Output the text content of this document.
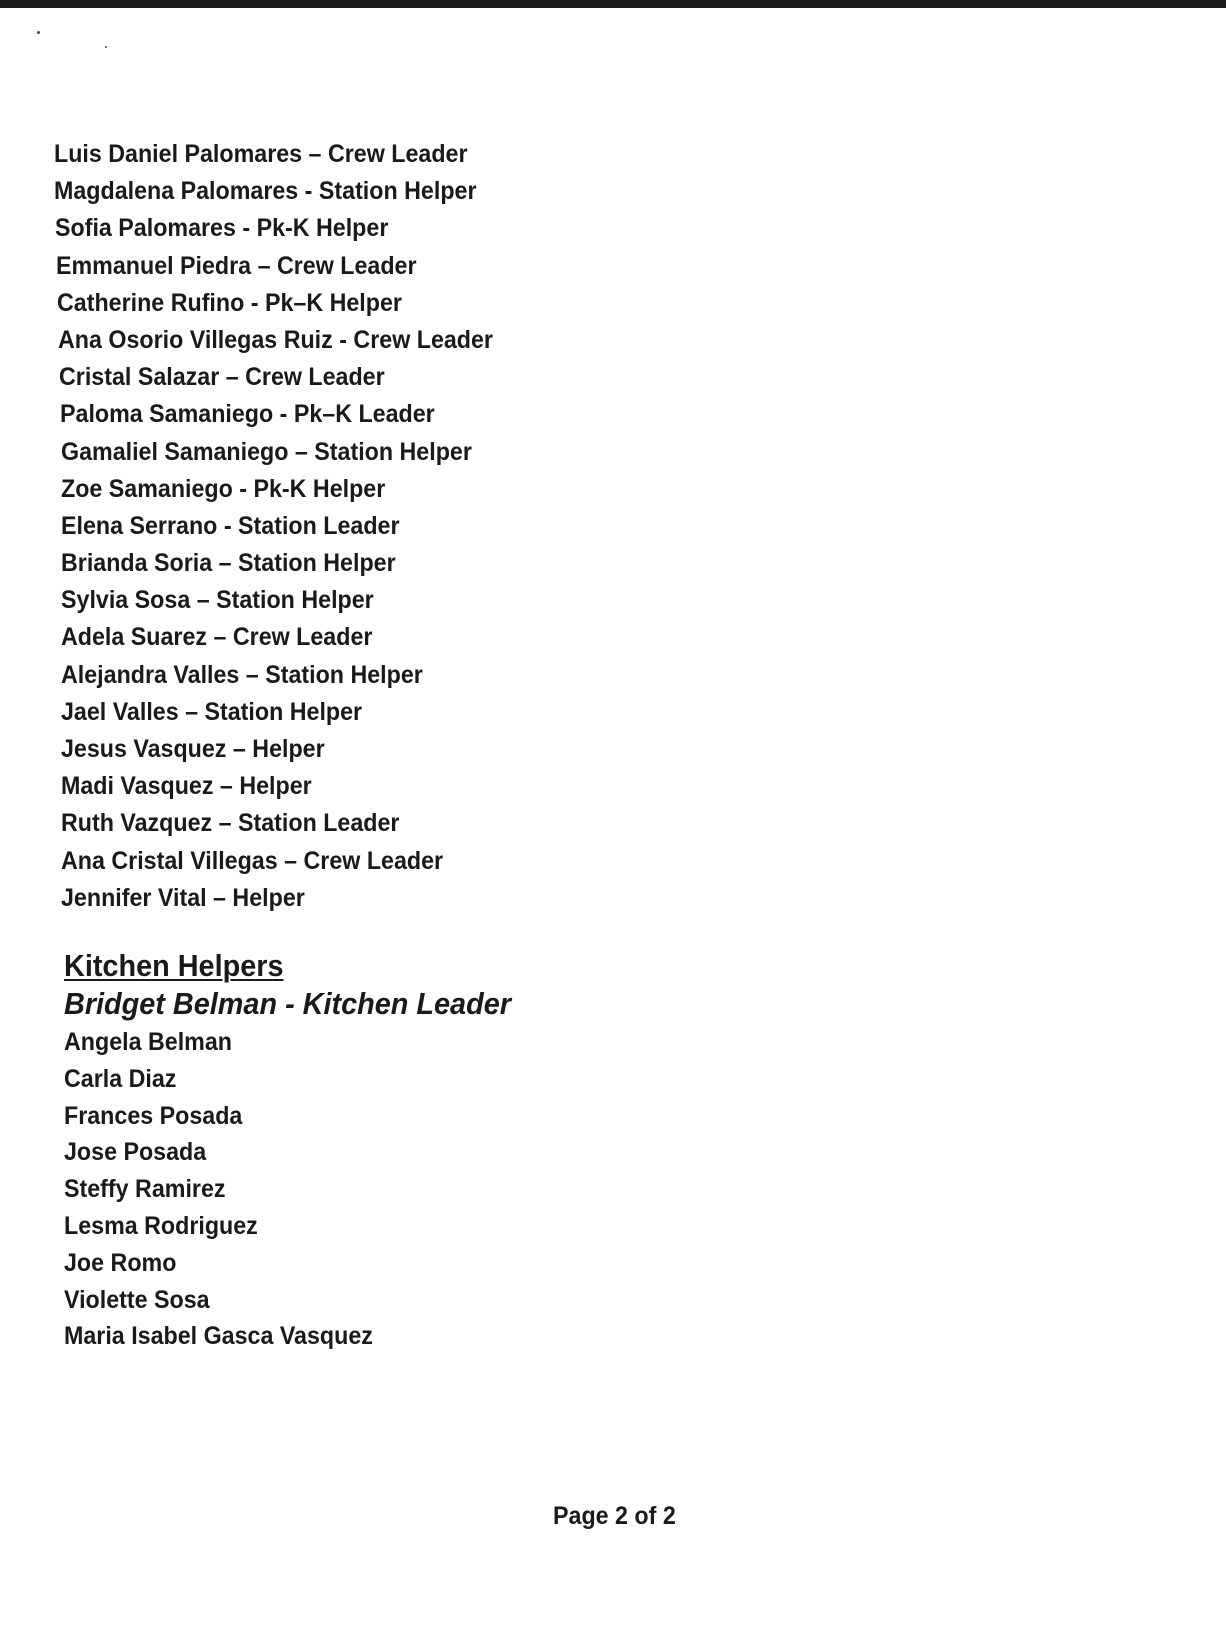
Luis Daniel Palomares – Crew Leader
Magdalena Palomares - Station Helper
Sofia Palomares - Pk-K Helper
Emmanuel Piedra – Crew Leader
Catherine Rufino - Pk–K Helper
Ana Osorio Villegas Ruiz - Crew Leader
Cristal Salazar – Crew Leader
Paloma Samaniego - Pk–K Leader
Gamaliel Samaniego – Station Helper
Zoe Samaniego - Pk-K Helper
Elena Serrano - Station Leader
Brianda Soria – Station Helper
Sylvia Sosa – Station Helper
Adela Suarez – Crew Leader
Alejandra Valles – Station Helper
Jael Valles – Station Helper
Jesus Vasquez – Helper
Madi Vasquez – Helper
Ruth Vazquez – Station Leader
Ana Cristal Villegas – Crew Leader
Jennifer Vital – Helper
Kitchen Helpers

Bridget Belman - Kitchen Leader

Angela Belman
Carla Diaz
Frances Posada
Jose Posada
Steffy Ramirez
Lesma Rodriguez
Joe Romo
Violette Sosa
Maria Isabel Gasca Vasquez
Page 2 of 2
